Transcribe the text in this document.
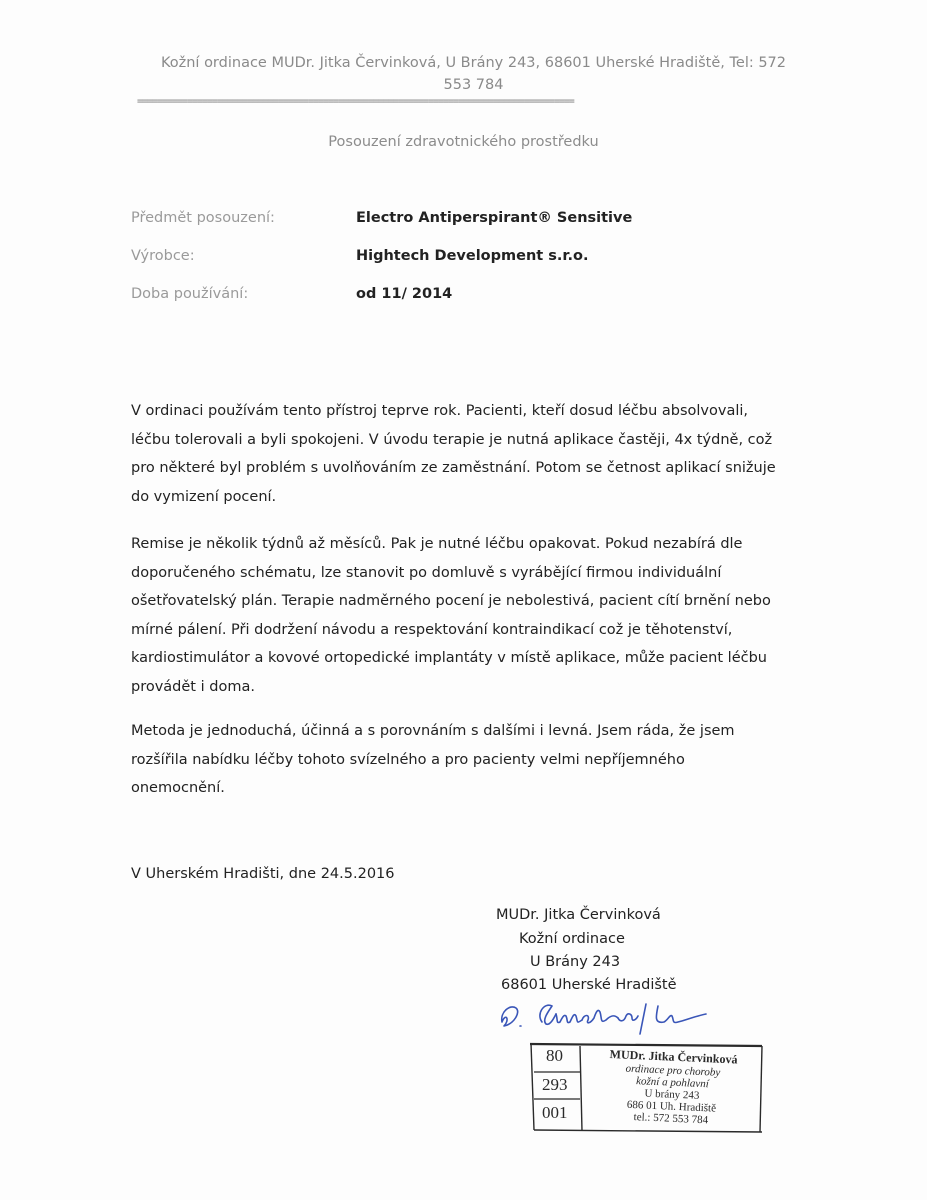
Kožní ordinace MUDr. Jitka Červinková, U Brány 243, 68601 Uherské Hradiště, Tel: 572
553 784
=======================================================================================
Posouzení zdravotnického prostředku
Předmět posouzení:	Electro Antiperspirant® Sensitive
Výrobce:	Hightech Development s.r.o.
Doba používání:	od 11/ 2014
V ordinaci používám tento přístroj teprve rok. Pacienti, kteří dosud léčbu absolvovali,
léčbu tolerovali a byli spokojeni. V úvodu terapie je nutná aplikace častěji, 4x týdně, což
pro některé byl problém s uvolňováním ze zaměstnání. Potom se četnost aplikací snižuje
do vymizení pocení.
Remise je několik týdnů až měsíců. Pak je nutné léčbu opakovat. Pokud nezabírá dle
doporučeného schématu, lze stanovit po domluvě s vyrábějící firmou individuální
ošetřovatelský plán. Terapie nadměrného pocení je nebolestivá, pacient cítí brnění nebo
mírné pálení. Při dodržení návodu a respektování kontraindikací což je těhotenství,
kardiostimulátor a kovové ortopedické implantáty v místě aplikace, může pacient léčbu
provádět i doma.
Metoda je jednoduchá, účinná a s porovnáním s dalšími i levná. Jsem ráda, že jsem
rozšířila nabídku léčby tohoto svízelného a pro pacienty velmi nepříjemného
onemocnění.
V Uherském Hradišti, dne 24.5.2016
MUDr. Jitka Červinková
Kožní ordinace
U Brány 243
68601 Uherské Hradiště
80
293
001
MUDr. Jitka Červinková
ordinace pro choroby
kožní a pohlavní
U brány 243
686 01 Uh. Hradiště
tel.: 572 553 784
